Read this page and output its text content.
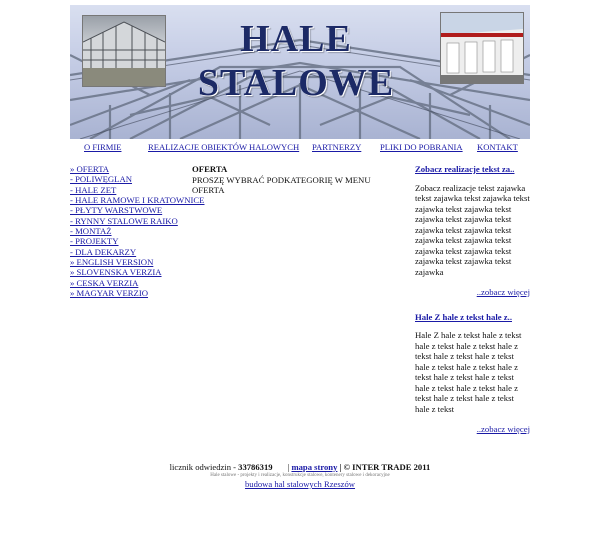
HALE STALOWE
O FIRMIE	REALIZACJE OBIEKTÓW HALOWYCH PARTNERZY PLIKI DO POBRANIA KONTAKT
» OFERTA
- POLIWĘGLAN
- HALE ZET
- HALE RAMOWE I KRATOWNICE
- PŁYTY WARSTWOWE
- RYNNY STALOWE RAIKO
- MONTAŻ
- PROJEKTY
- DLA DEKARZY
» ENGLISH VERSION
» SLOVENSKA VERZIA
» CESKA VERZIA
» MAGYAR VERZIO
OFERTA
PROSZĘ WYBRAĆ PODKATEGORIĘ W MENU OFERTA
Zobacz realizacje tekst za..

Zobacz realizacje tekst zajawka tekst zajawka tekst zajawka tekst zajawka tekst zajawka tekst zajawka tekst zajawka tekst zajawka tekst zajawka tekst zajawka tekst zajawka tekst zajawka tekst zajawka tekst zajawka tekst zajawka tekst zajawka

..zobacz więcej
Hale Z hale z tekst hale z..

Hale Z hale z tekst hale z tekst hale z tekst hale z tekst hale z tekst hale z tekst hale z tekst hale z tekst hale z tekst hale z tekst hale z tekst hale z tekst hale z tekst hale z tekst hale z tekst hale z tekst hale z tekst hale z tekst

..zobacz więcej
licznik odwiedzin - 33786319 | mapa strony | © INTER TRADE 2011
Hale stalowe - projekty i realizacje, konstrukcje stalowe, kontenery stalowe i dekoracyjne
budowa hal stalowych Rzeszów
